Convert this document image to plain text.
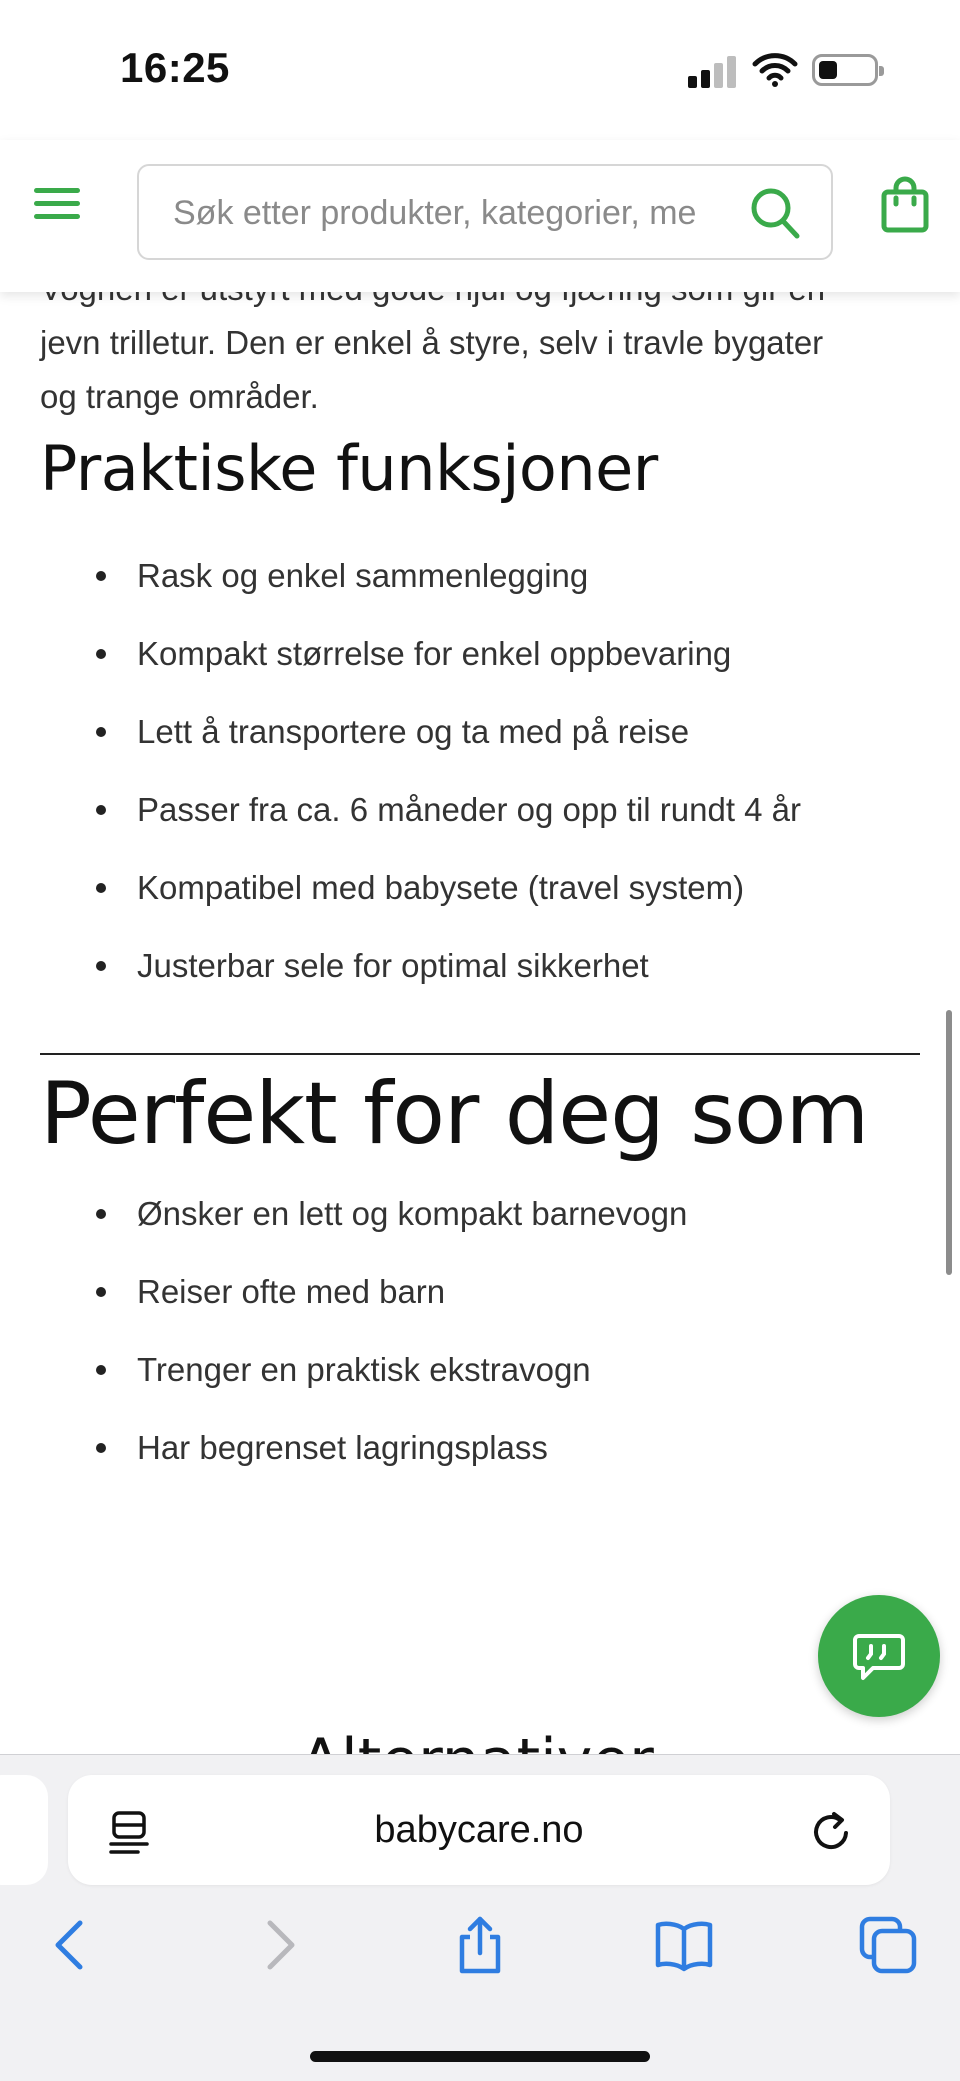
jevn trilletur. Den er enkel å styre, selv i travle bygater
og trange områder.
Praktiske funksjoner
Rask og enkel sammenlegging
Kompakt størrelse for enkel oppbevaring
Lett å transportere og ta med på reise
Passer fra ca. 6 måneder og opp til rundt 4 år
Kompatibel med babysete (travel system)
Justerbar sele for optimal sikkerhet
Perfekt for deg som
Ønsker en lett og kompakt barnevogn
Reiser ofte med barn
Trenger en praktisk ekstravogn
Har begrenset lagringsplass
16:25
Søk etter produkter, kategorier, me
babycare.no
